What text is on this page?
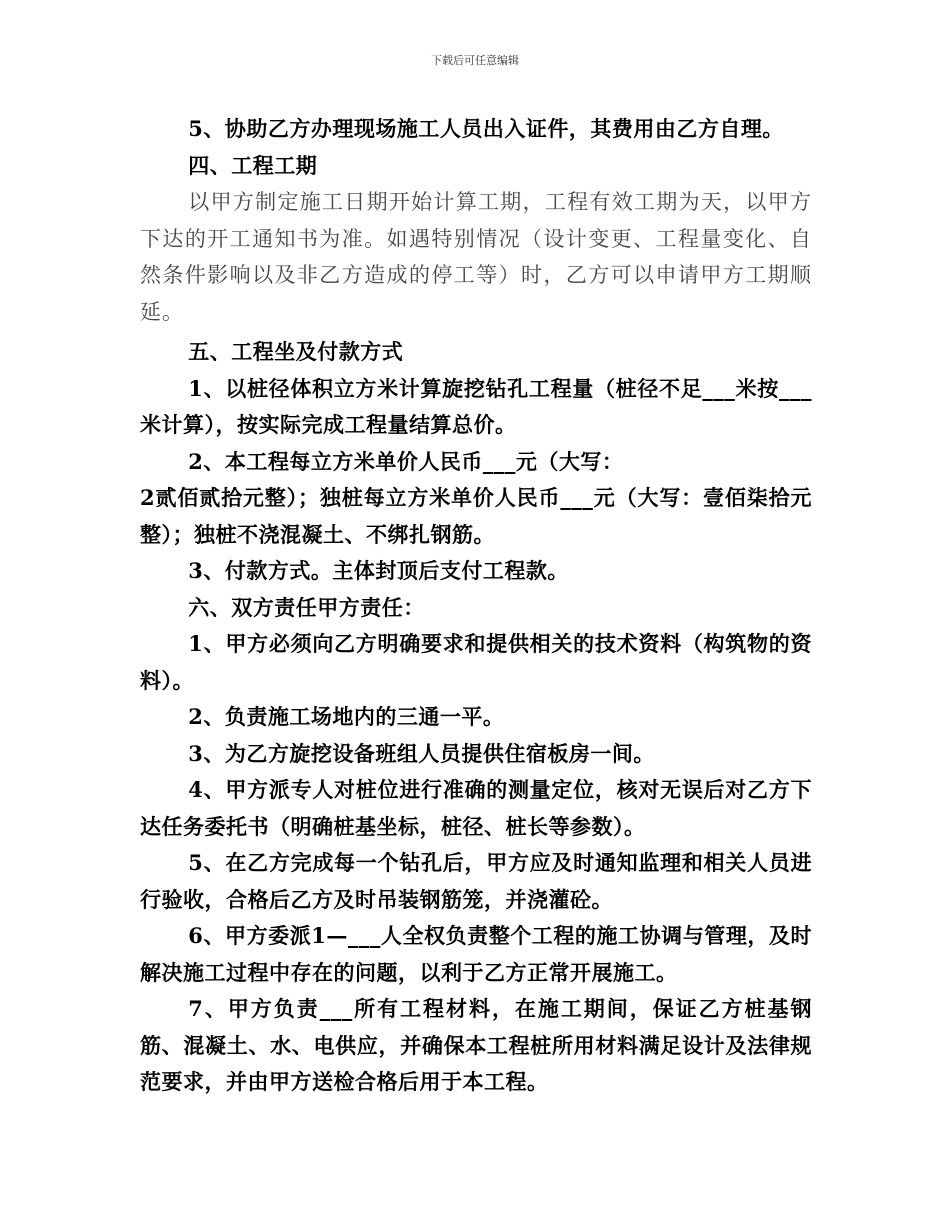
下载后可任意编辑

5、协助乙方办理现场施工人员出入证件，其费用由乙方自理。

四、工程工期

以甲方制定施工日期开始计算工期，工程有效工期为天，以甲方下达的开工通知书为准。如遇特别情况（设计变更、工程量变化、自然条件影响以及非乙方造成的停工等）时，乙方可以申请甲方工期顺延。

五、工程坐及付款方式

1、以桩径体积立方米计算旋挖钻孔工程量（桩径不足___米按___米计算），按实际完成工程量结算总价。

2、本工程每立方米单价人民币___元（大写：

2贰佰贰拾元整）；独桩每立方米单价人民币___元（大写：壹佰柒拾元整）；独桩不浇混凝土、不绑扎钢筋。

3、付款方式。主体封顶后支付工程款。

六、双方责任甲方责任：

1、甲方必须向乙方明确要求和提供相关的技术资料（构筑物的资料）。

2、负责施工场地内的三通一平。

3、为乙方旋挖设备班组人员提供住宿板房一间。

4、甲方派专人对桩位进行准确的测量定位，核对无误后对乙方下达任务委托书（明确桩基坐标，桩径、桩长等参数）。

5、在乙方完成每一个钻孔后，甲方应及时通知监理和相关人员进行验收，合格后乙方及时吊装钢筋笼，并浇灌砼。

6、甲方委派1—___人全权负责整个工程的施工协调与管理，及时解决施工过程中存在的问题，以利于乙方正常开展施工。

7、甲方负责___所有工程材料，在施工期间，保证乙方桩基钢筋、混凝土、水、电供应，并确保本工程桩所用材料满足设计及法律规范要求，并由甲方送检合格后用于本工程。
